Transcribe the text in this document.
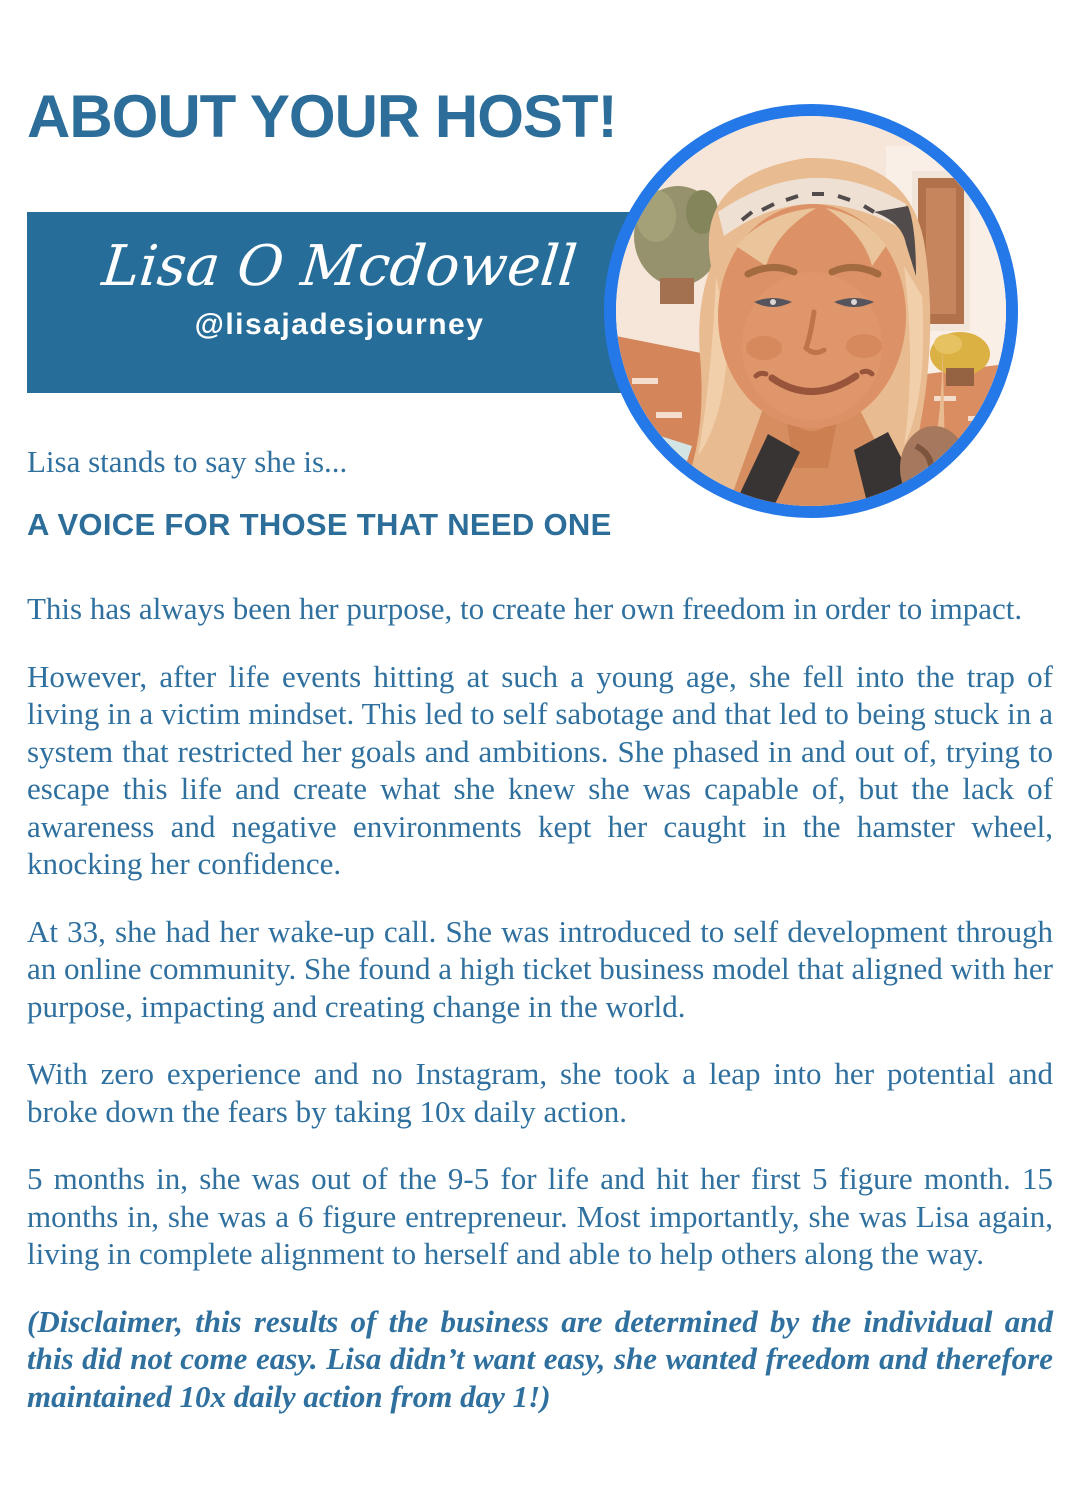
ABOUT YOUR HOST!
Lisa O Mcdowell
@lisajadesjourney
Lisa stands to say she is...
A VOICE FOR THOSE THAT NEED ONE

This has always been her purpose, to create her own freedom in order to impact.

However, after life events hitting at such a young age, she fell into the trap of living in a victim mindset. This led to self sabotage and that led to being stuck in a system that restricted her goals and ambitions. She phased in and out of, trying to escape this life and create what she knew she was capable of, but the lack of awareness and negative environments kept her caught in the hamster wheel, knocking her confidence.

At 33, she had her wake-up call. She was introduced to self development through an online community. She found a high ticket business model that aligned with her purpose, impacting and creating change in the world.

With zero experience and no Instagram, she took a leap into her potential and broke down the fears by taking 10x daily action.

5 months in, she was out of the 9-5 for life and hit her first 5 figure month. 15 months in, she was a 6 figure entrepreneur. Most importantly, she was Lisa again, living in complete alignment to herself and able to help others along the way.

(Disclaimer, this results of the business are determined by the individual and this did not come easy. Lisa didn’t want easy, she wanted freedom and therefore maintained 10x daily action from day 1!)
